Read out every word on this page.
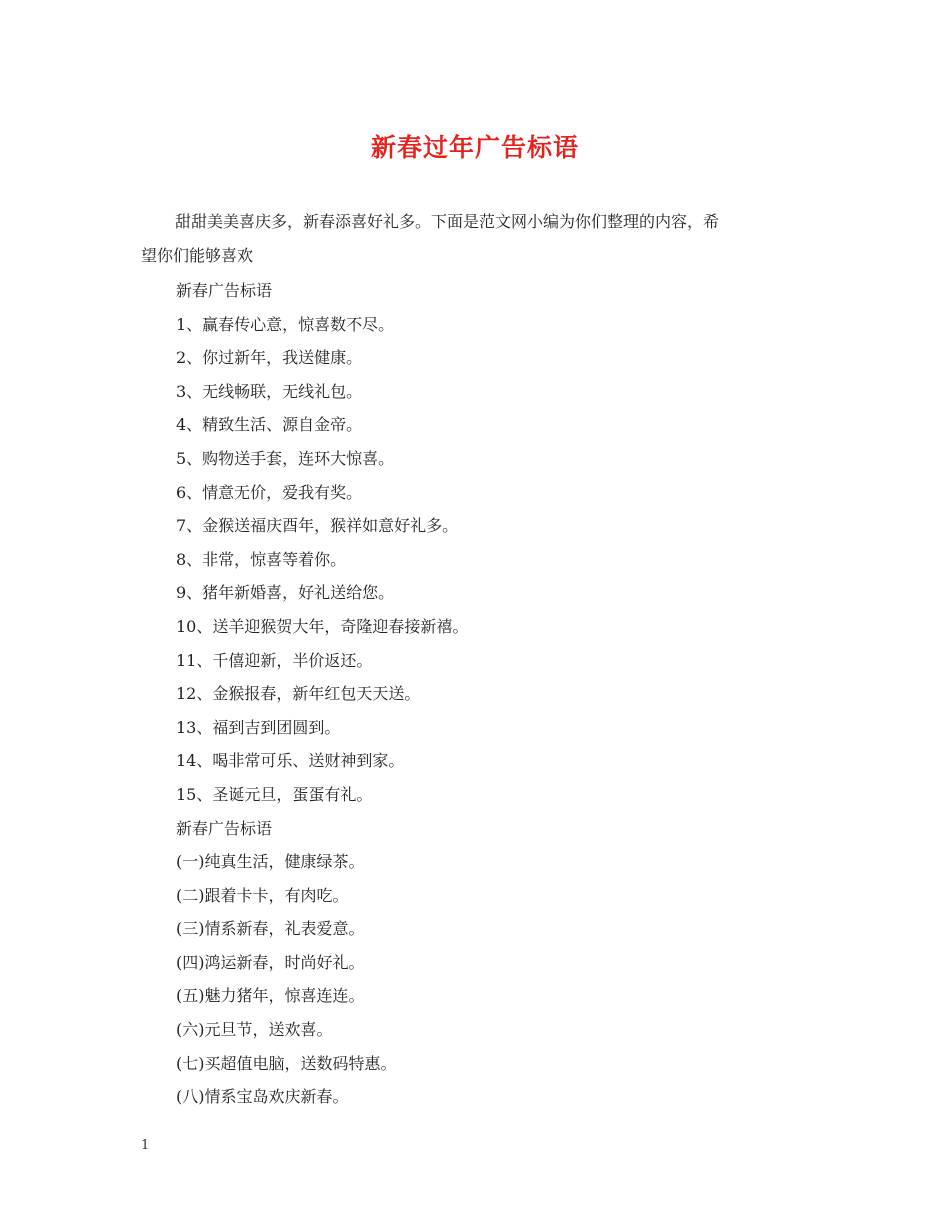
新春过年广告标语

甜甜美美喜庆多，新春添喜好礼多。下面是范文网小编为你们整理的内容，希
望你们能够喜欢

新春广告标语
1、赢春传心意，惊喜数不尽。
2、你过新年，我送健康。
3、无线畅联，无线礼包。
4、精致生活、源自金帝。
5、购物送手套，连环大惊喜。
6、情意无价，爱我有奖。
7、金猴送福庆酉年，猴祥如意好礼多。
8、非常，惊喜等着你。
9、猪年新婚喜，好礼送给您。
10、送羊迎猴贺大年，奇隆迎春接新禧。
11、千僖迎新，半价返还。
12、金猴报春，新年红包天天送。
13、福到吉到团圆到。
14、喝非常可乐、送财神到家。
15、圣诞元旦，蛋蛋有礼。
新春广告标语
(一)纯真生活，健康绿茶。
(二)跟着卡卡，有肉吃。
(三)情系新春，礼表爱意。
(四)鸿运新春，时尚好礼。
(五)魅力猪年，惊喜连连。
(六)元旦节，送欢喜。
(七)买超值电脑，送数码特惠。
(八)情系宝岛欢庆新春。
1
